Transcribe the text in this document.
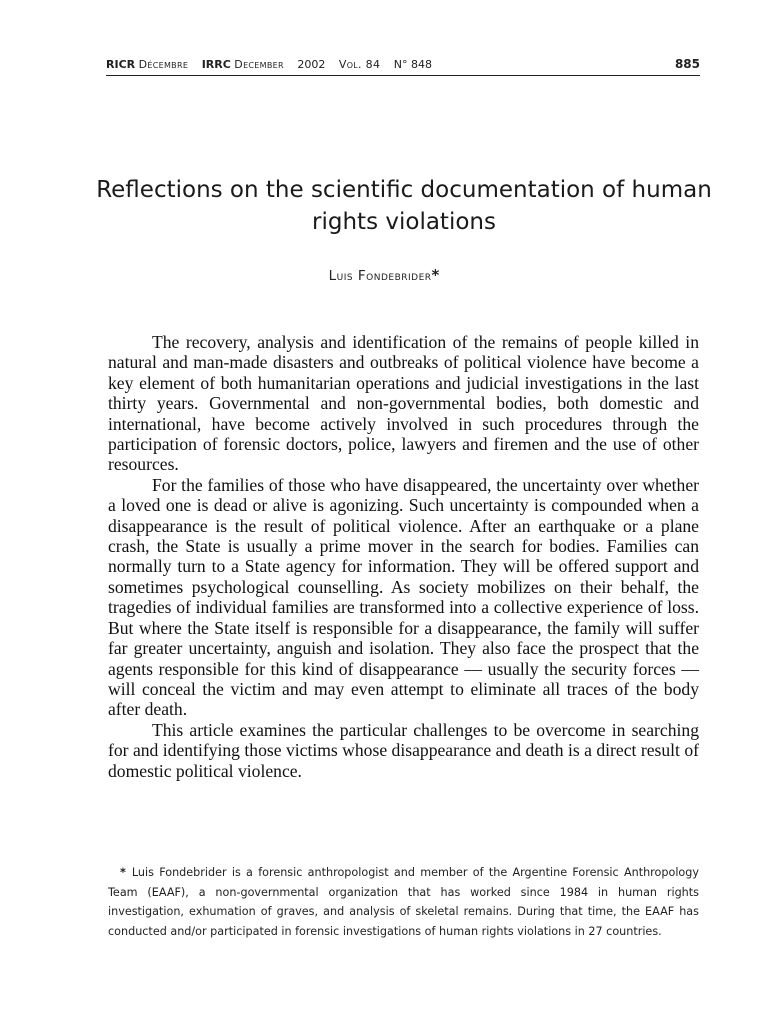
RICR Décembre IRRC December 2002 Vol. 84 N° 848	885
Reflections on the scientific documentation of human rights violations
Luis Fondebrider*

The recovery, analysis and identification of the remains of people killed in natural and man-made disasters and outbreaks of political violence have become a key element of both humanitarian operations and judicial investigations in the last thirty years. Governmental and non-governmental bodies, both domestic and international, have become actively involved in such procedures through the participation of forensic doctors, police, lawyers and firemen and the use of other resources.

For the families of those who have disappeared, the uncertainty over whether a loved one is dead or alive is agonizing. Such uncertainty is compounded when a disappearance is the result of political violence. After an earthquake or a plane crash, the State is usually a prime mover in the search for bodies. Families can normally turn to a State agency for information. They will be offered support and sometimes psychological counselling. As society mobilizes on their behalf, the tragedies of individual families are transformed into a collective experience of loss. But where the State itself is responsible for a disappearance, the family will suffer far greater uncertainty, anguish and isolation. They also face the prospect that the agents responsible for this kind of disappearance — usually the security forces — will conceal the victim and may even attempt to eliminate all traces of the body after death.

This article examines the particular challenges to be overcome in searching for and identifying those victims whose disappearance and death is a direct result of domestic political violence.

* Luis Fondebrider is a forensic anthropologist and member of the Argentine Forensic Anthropology Team (EAAF), a non-governmental organization that has worked since 1984 in human rights investigation, exhumation of graves, and analysis of skeletal remains. During that time, the EAAF has conducted and/or participated in forensic investigations of human rights violations in 27 countries.
